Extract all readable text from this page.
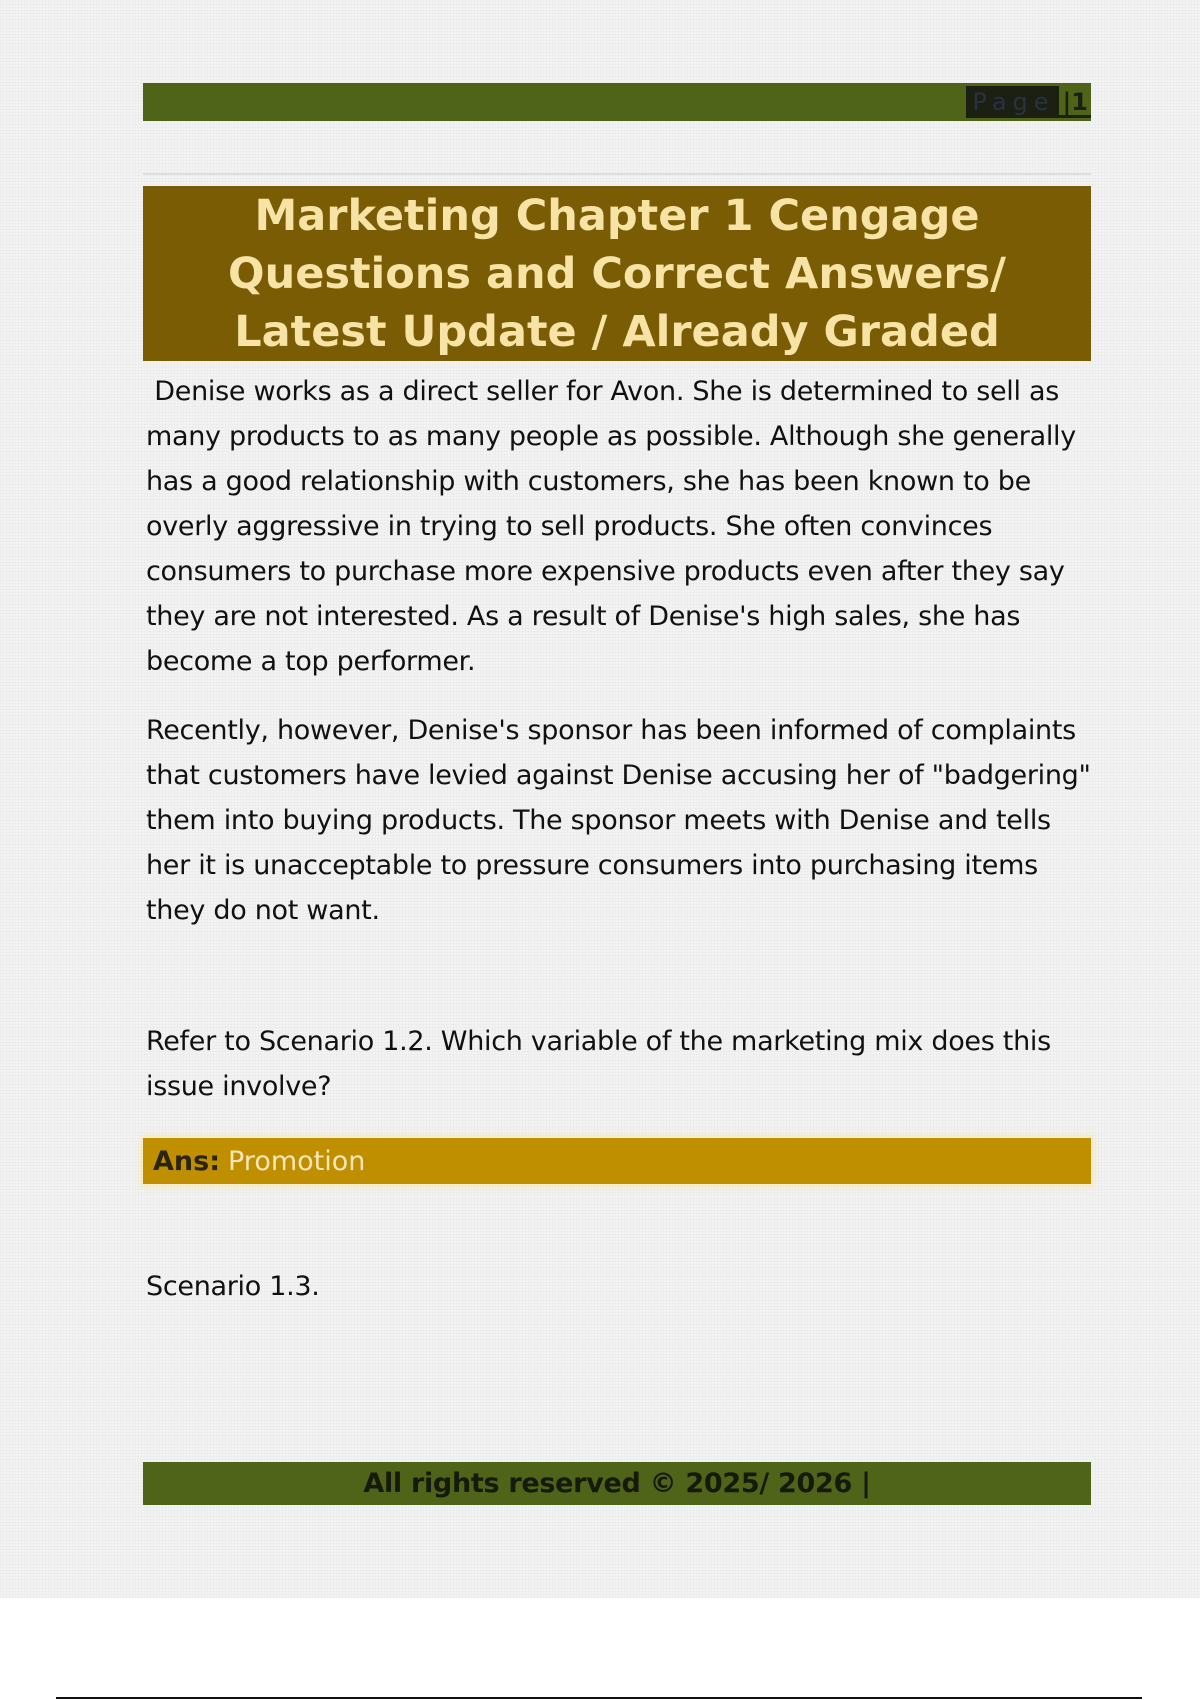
Page |1
Marketing Chapter 1 Cengage Questions and Correct Answers/ Latest Update / Already Graded

Denise works as a direct seller for Avon. She is determined to sell as many products to as many people as possible. Although she generally has a good relationship with customers, she has been known to be overly aggressive in trying to sell products. She often convinces consumers to purchase more expensive products even after they say they are not interested. As a result of Denise's high sales, she has become a top performer.

Recently, however, Denise's sponsor has been informed of complaints that customers have levied against Denise accusing her of "badgering" them into buying products. The sponsor meets with Denise and tells her it is unacceptable to pressure consumers into purchasing items they do not want.

Refer to Scenario 1.2. Which variable of the marketing mix does this issue involve?

Ans: Promotion

Scenario 1.3.

All rights reserved © 2025/ 2026 |
